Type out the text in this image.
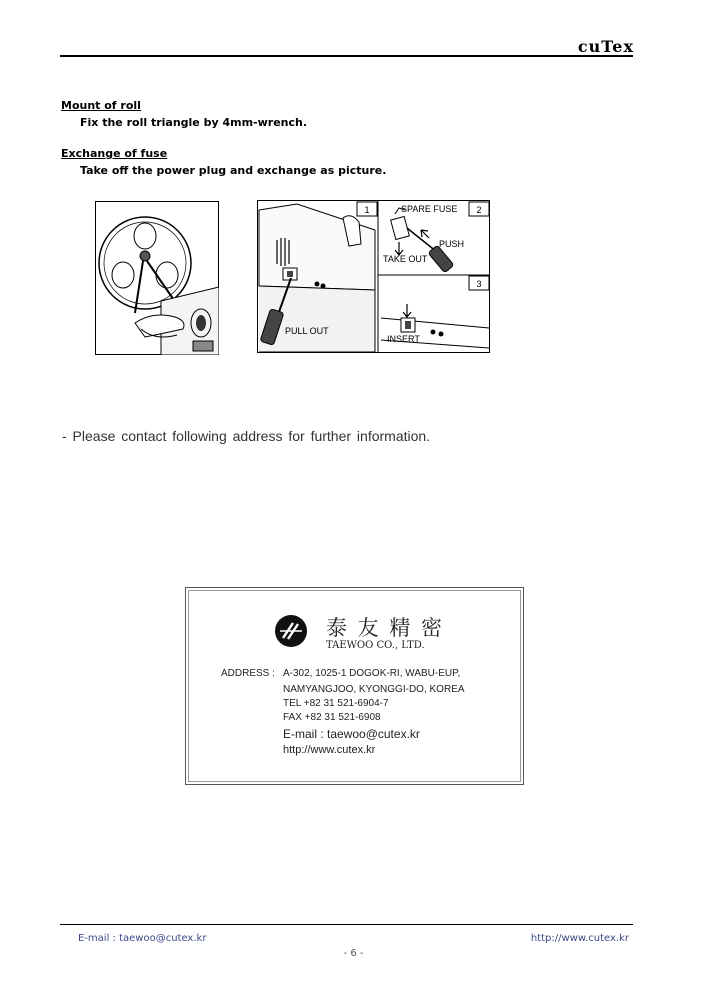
cuTex
Mount of roll
Fix the roll triangle by 4mm-wrench.
Exchange of fuse
Take off the power plug and exchange as picture.
1
PULL OUT
2
SPARE FUSE
PUSH
TAKE OUT
3
INSERT
- Please contact following address for further information.
泰 友 精 密
TAEWOO CO., LTD.
ADDRESS : A-302, 1025-1 DOGOK-RI, WABU-EUP,
NAMYANGJOO, KYONGGI-DO, KOREA
TEL +82 31 521-6904-7
FAX +82 31 521-6908
E-mail : taewoo@cutex.kr
http://www.cutex.kr
E-mail : taewoo@cutex.kr	http://www.cutex.kr
- 6 -
